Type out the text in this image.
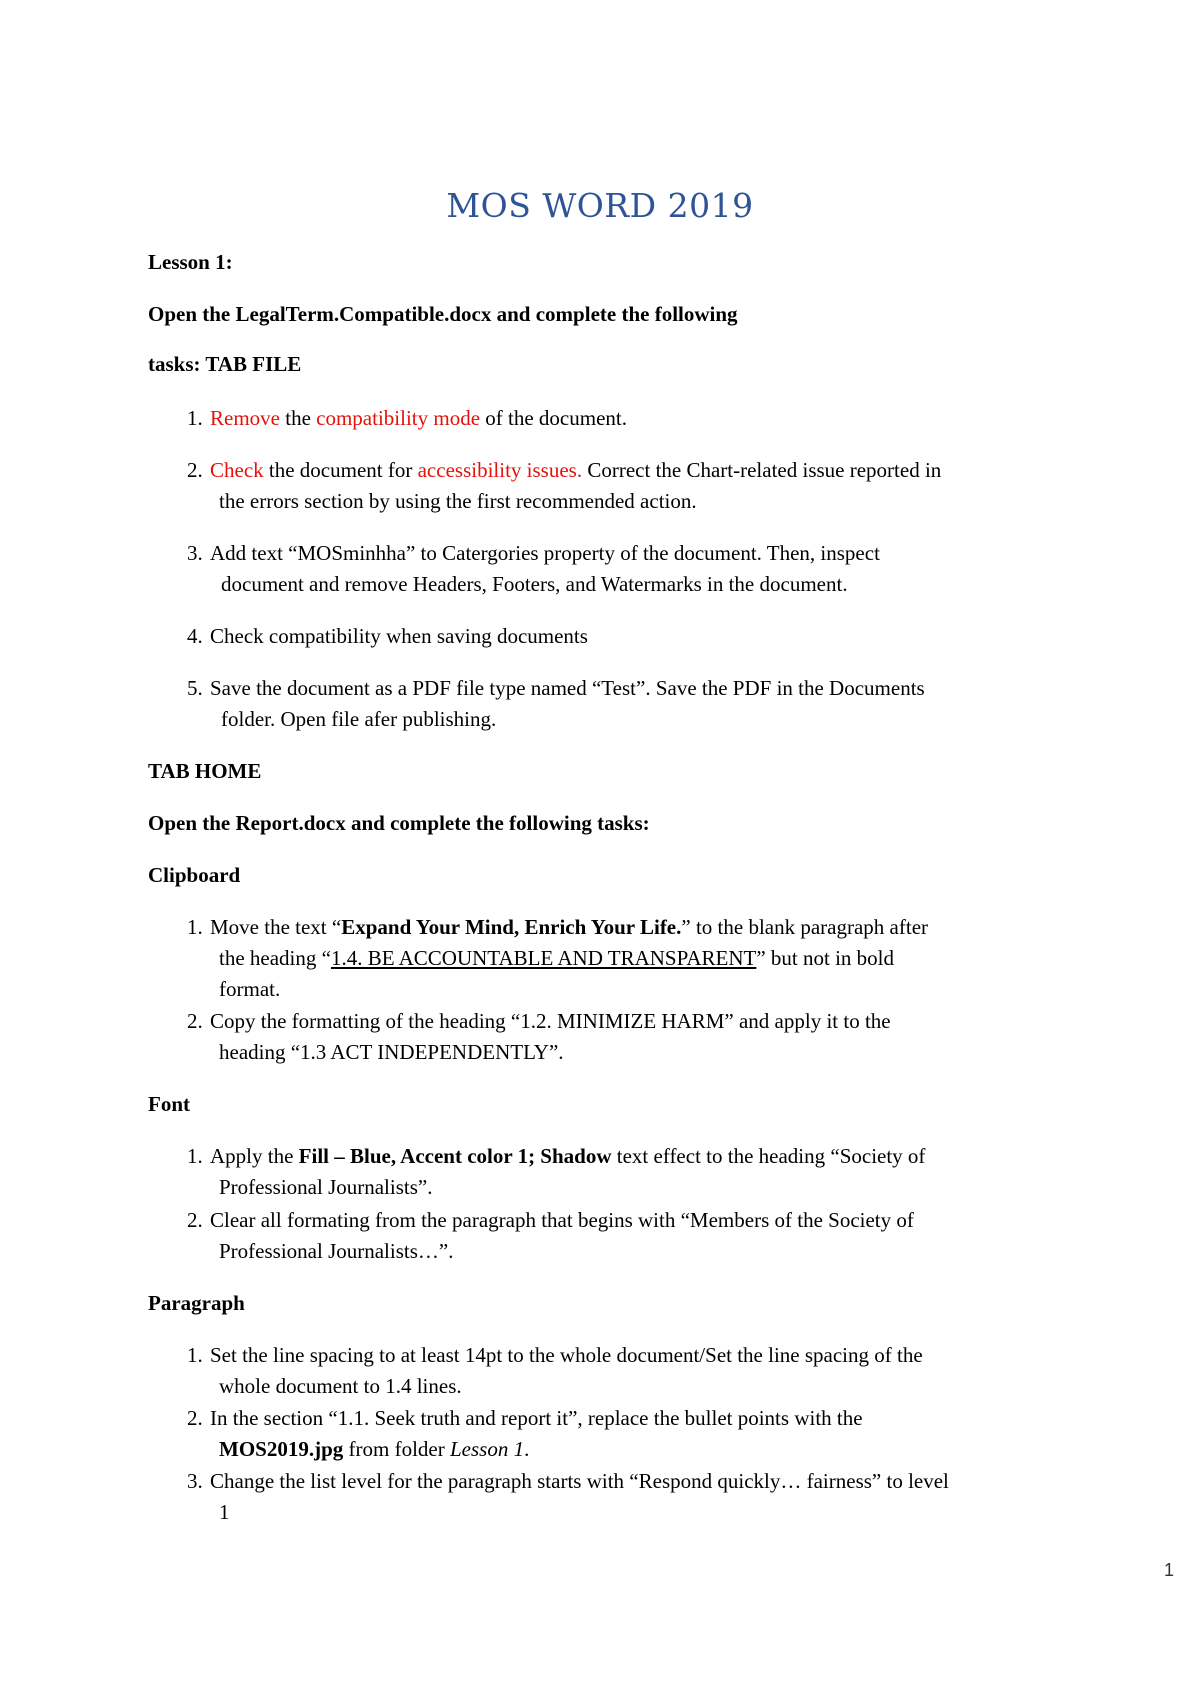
MOS WORD 2019
Lesson 1:
Open the LegalTerm.Compatible.docx and complete the following
tasks: TAB FILE
1. Remove the compatibility mode of the document.
2. Check the document for accessibility issues. Correct the Chart-related issue reported in
the errors section by using the first recommended action.
3. Add text “MOSminhha” to Catergories property of the document. Then, inspect
document and remove Headers, Footers, and Watermarks in the document.
4. Check compatibility when saving documents
5. Save the document as a PDF file type named “Test”. Save the PDF in the Documents
folder. Open file afer publishing.
TAB HOME
Open the Report.docx and complete the following tasks:
Clipboard
1. Move the text “Expand Your Mind, Enrich Your Life.” to the blank paragraph after
the heading “1.4. BE ACCOUNTABLE AND TRANSPARENT” but not in bold
format.
2. Copy the formatting of the heading “1.2. MINIMIZE HARM” and apply it to the
heading “1.3 ACT INDEPENDENTLY”.
Font
1. Apply the Fill – Blue, Accent color 1; Shadow text effect to the heading “Society of
Professional Journalists”.
2. Clear all formating from the paragraph that begins with “Members of the Society of
Professional Journalists…”.
Paragraph
1. Set the line spacing to at least 14pt to the whole document/Set the line spacing of the
whole document to 1.4 lines.
2. In the section “1.1. Seek truth and report it”, replace the bullet points with the
MOS2019.jpg from folder Lesson 1.
3. Change the list level for the paragraph starts with “Respond quickly… fairness” to level
1
1
